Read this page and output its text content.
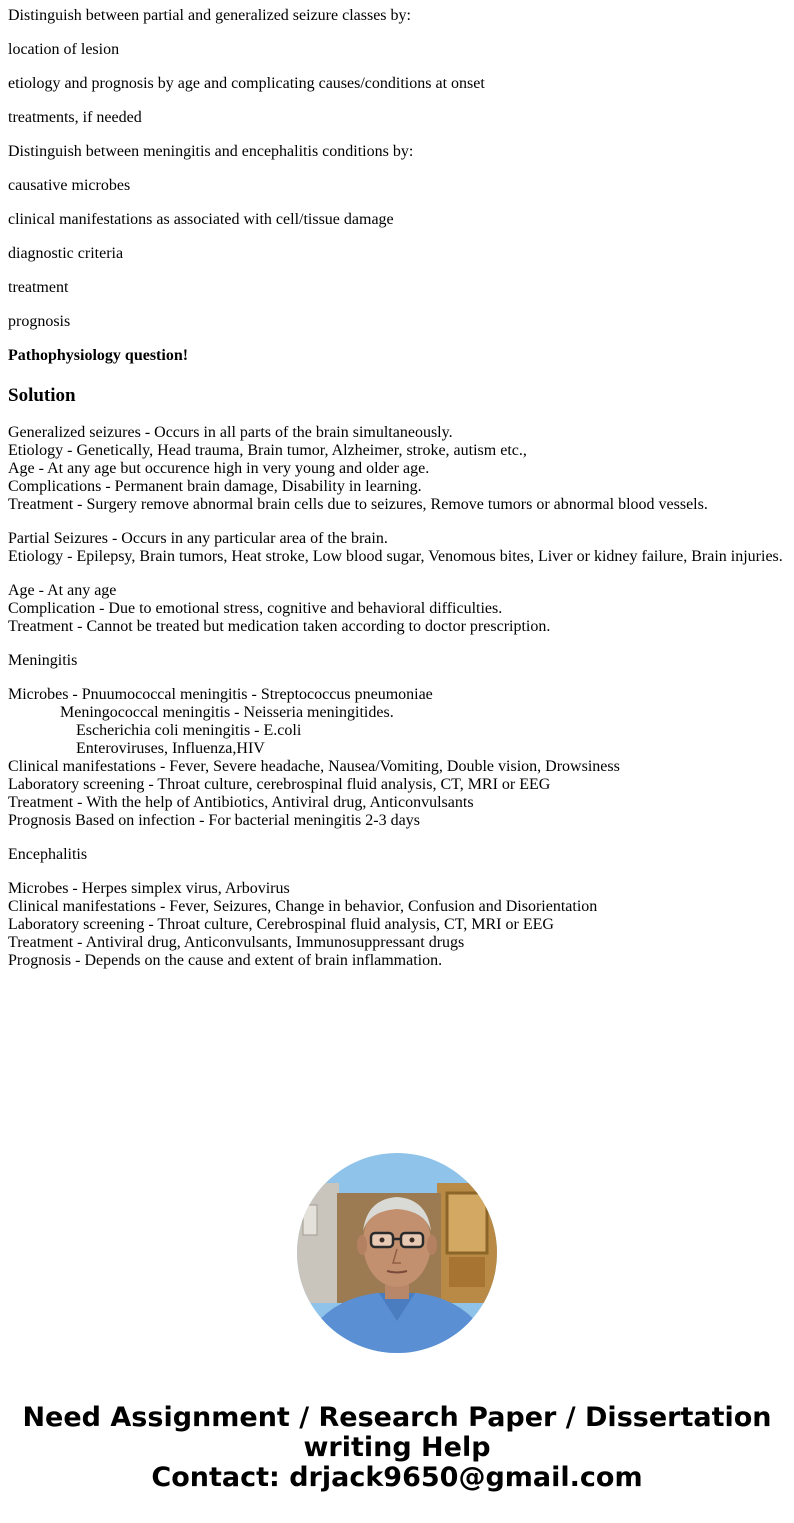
Distinguish between partial and generalized seizure classes by:

location of lesion

etiology and prognosis by age and complicating causes/conditions at onset

treatments, if needed

Distinguish between meningitis and encephalitis conditions by:

causative microbes

clinical manifestations as associated with cell/tissue damage

diagnostic criteria

treatment

prognosis

Pathophysiology question!

Solution
Generalized seizures - Occurs in all parts of the brain simultaneously.
Etiology - Genetically, Head trauma, Brain tumor, Alzheimer, stroke, autism etc.,
Age - At any age but occurence high in very young and older age.
Complications - Permanent brain damage, Disability in learning.
Treatment - Surgery remove abnormal brain cells due to seizures, Remove tumors or abnormal blood vessels.
Partial Seizures - Occurs in any particular area of the brain.
Etiology - Epilepsy, Brain tumors, Heat stroke, Low blood sugar, Venomous bites, Liver or kidney failure, Brain injuries.
Age - At any age
Complication - Due to emotional stress, cognitive and behavioral difficulties.
Treatment - Cannot be treated but medication taken according to doctor prescription.
Meningitis
Microbes - Pnuumococcal meningitis - Streptococcus pneumoniae
Meningococcal meningitis - Neisseria meningitides.
Escherichia coli meningitis - E.coli
Enteroviruses, Influenza,HIV
Clinical manifestations - Fever, Severe headache, Nausea/Vomiting, Double vision, Drowsiness
Laboratory screening - Throat culture, cerebrospinal fluid analysis, CT, MRI or EEG
Treatment - With the help of Antibiotics, Antiviral drug, Anticonvulsants
Prognosis Based on infection - For bacterial meningitis 2-3 days
Encephalitis
Microbes - Herpes simplex virus, Arbovirus
Clinical manifestations - Fever, Seizures, Change in behavior, Confusion and Disorientation
Laboratory screening - Throat culture, Cerebrospinal fluid analysis, CT, MRI or EEG
Treatment - Antiviral drug, Anticonvulsants, Immunosuppressant drugs
Prognosis - Depends on the cause and extent of brain inflammation.
Need Assignment / Research Paper / Dissertation
writing Help
Contact: drjack9650@gmail.com
